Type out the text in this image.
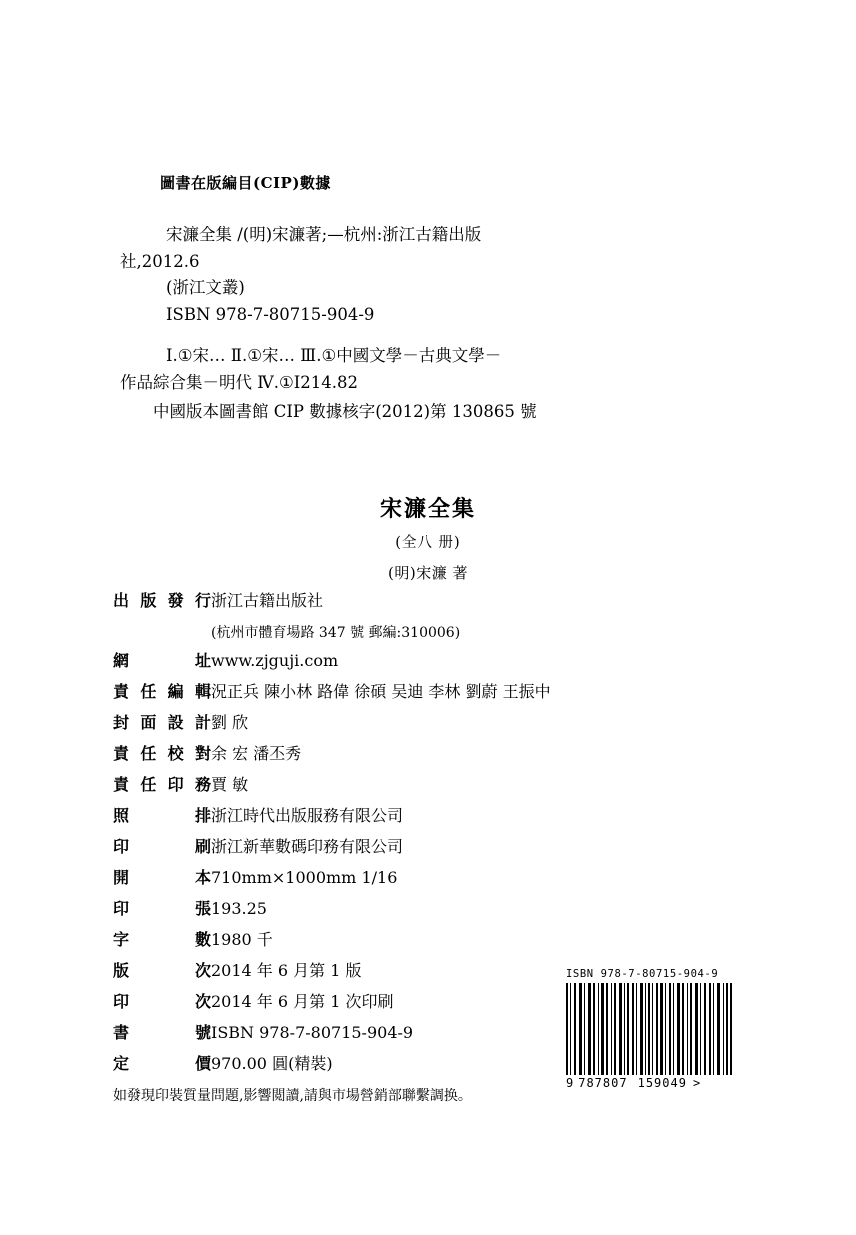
圖書在版編目(CIP)數據
宋濂全集 /(明)宋濂著;—杭州:浙江古籍出版
社,2012.6
(浙江文叢)
ISBN 978-7-80715-904-9
Ⅰ.①宋… Ⅱ.①宋… Ⅲ.①中國文學－古典文學－
作品綜合集－明代 Ⅳ.①I214.82
中國版本圖書館 CIP 數據核字(2012)第 130865 號
宋濂全集
(全八 册)
(明)宋濂 著
出 版 發 行 浙江古籍出版社
(杭州市體育場路 347 號 郵編:310006)
網	址 www.zjguji.com
責 任 編 輯 況正兵 陳小林 路偉 徐碩 吴迪 李林 劉蔚 王振中
封 面 設 計 劉 欣
責 任 校 對 余 宏 潘丕秀
責 任 印 務 賈 敏
照	排 浙江時代出版服務有限公司
印	刷 浙江新華數碼印務有限公司
開	本 710mm×1000mm 1/16
印	張 193.25
字	數 1980 千
版	次 2014 年 6 月第 1 版
印	次 2014 年 6 月第 1 次印刷
書	號 ISBN 978-7-80715-904-9
定	價 970.00 圓(精裝)
如發現印裝質量問題,影響閲讀,請與市場營銷部聯繫調换。
ISBN 978-7-80715-904-9
9 787807 159049 >
